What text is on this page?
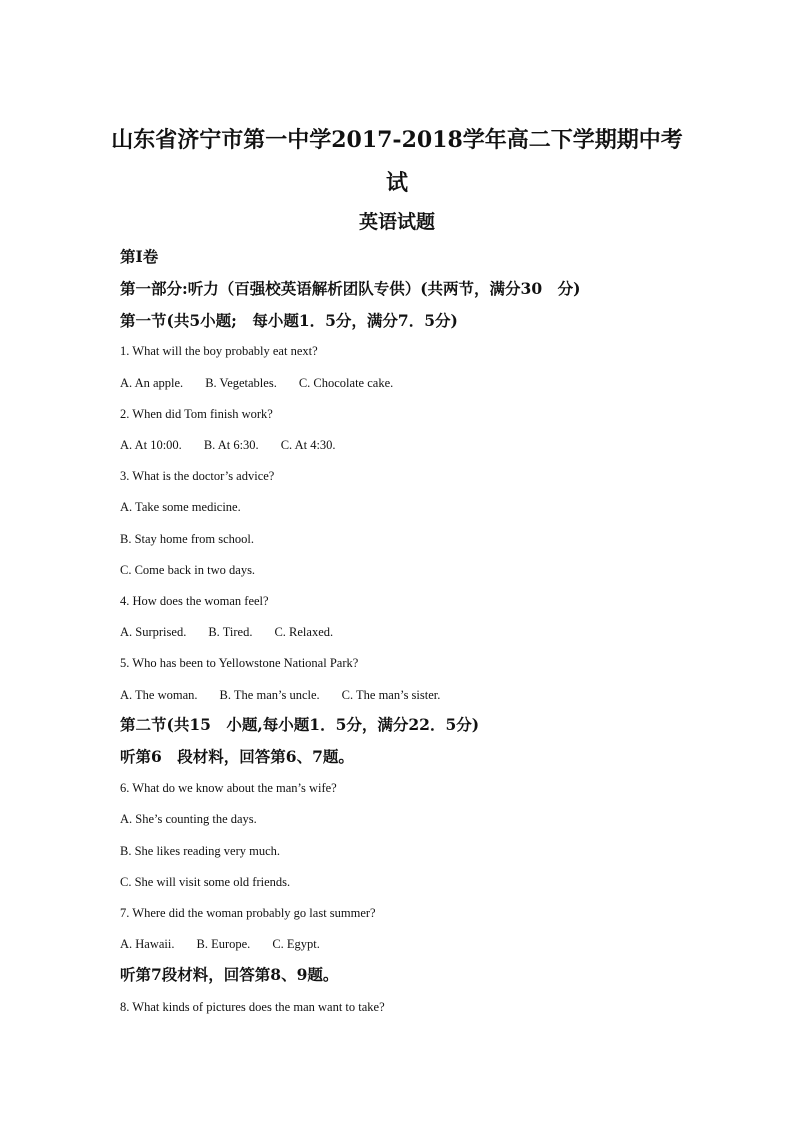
山东省济宁市第一中学2017-2018学年高二下学期期中考
试
英语试题
第I卷
第一部分:听力（百强校英语解析团队专供）(共两节，满分30　分)
第一节(共5小题;　每小题1．5分，满分7．5分)
1. What will the boy probably eat next?
A. An apple. B. Vegetables. C. Chocolate cake.
2. When did Tom finish work?
A. At 10:00. B. At 6:30. C. At 4:30.
3. What is the doctor’s advice?
A. Take some medicine.
B. Stay home from school.
C. Come back in two days.
4. How does the woman feel?
A. Surprised. B. Tired. C. Relaxed.
5. Who has been to Yellowstone National Park?
A. The woman. B. The man’s uncle. C. The man’s sister.
第二节(共15　小题,每小题1．5分，满分22．5分)
听第6　段材料，回答第6、7题。
6. What do we know about the man’s wife?
A. She’s counting the days.
B. She likes reading very much.
C. She will visit some old friends.
7. Where did the woman probably go last summer?
A. Hawaii. B. Europe. C. Egypt.
听第7段材料，回答第8、9题。
8. What kinds of pictures does the man want to take?
